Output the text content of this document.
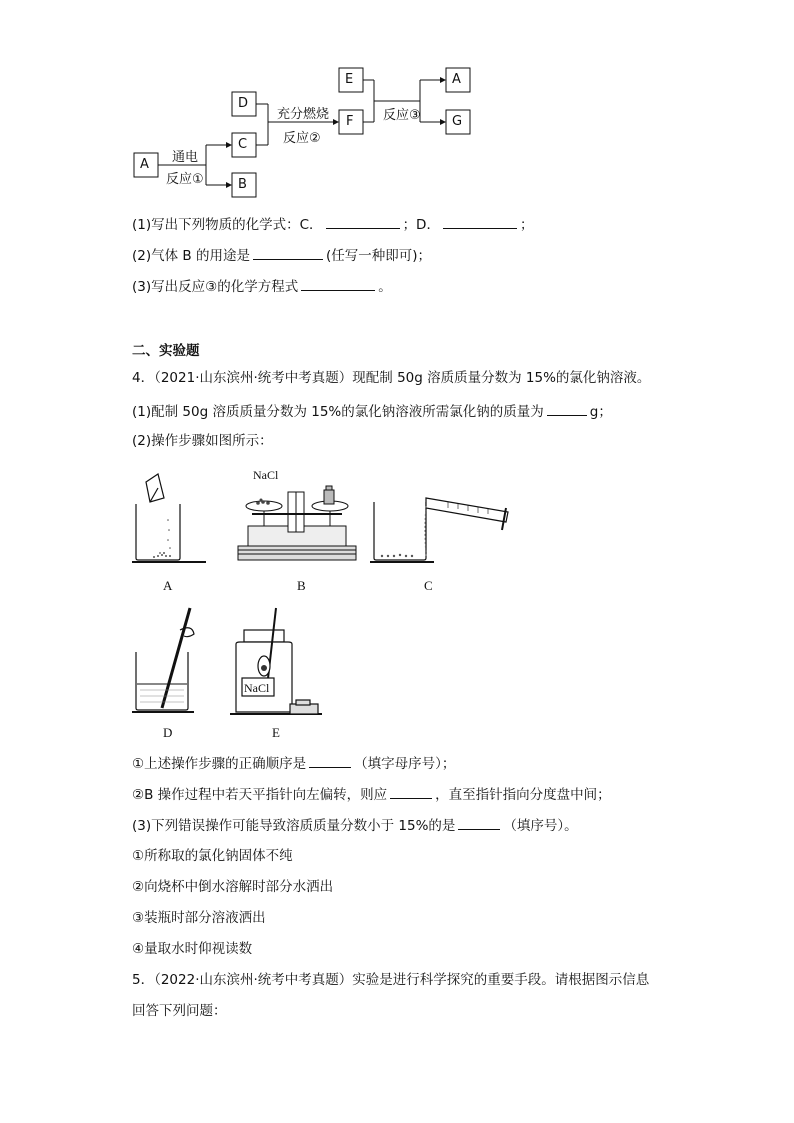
A
B
C
D
E
F
A
G
通电
反应①
充分燃烧
反应②
反应③
(1)写出下列物质的化学式：C．	；D．	；
(2)气体 B 的用途是	(任写一种即可)；
(3)写出反应③的化学方程式	。
二、实验题
4．（2021·山东滨州·统考中考真题）现配制 50g 溶质质量分数为 15%的氯化钠溶液。
(1)配制 50g 溶质质量分数为 15%的氯化钠溶液所需氯化钠的质量为	g；
(2)操作步骤如图所示：
A
NaCl
B	C
D
NaCl
E
①上述操作步骤的正确顺序是	（填字母序号）；
②B 操作过程中若天平指针向左偏转，则应	，直至指针指向分度盘中间；
(3)下列错误操作可能导致溶质质量分数小于 15%的是	（填序号）。
①所称取的氯化钠固体不纯
②向烧杯中倒水溶解时部分水洒出
③装瓶时部分溶液洒出
④量取水时仰视读数
5．（2022·山东滨州·统考中考真题）实验是进行科学探究的重要手段。请根据图示信息
回答下列问题：
